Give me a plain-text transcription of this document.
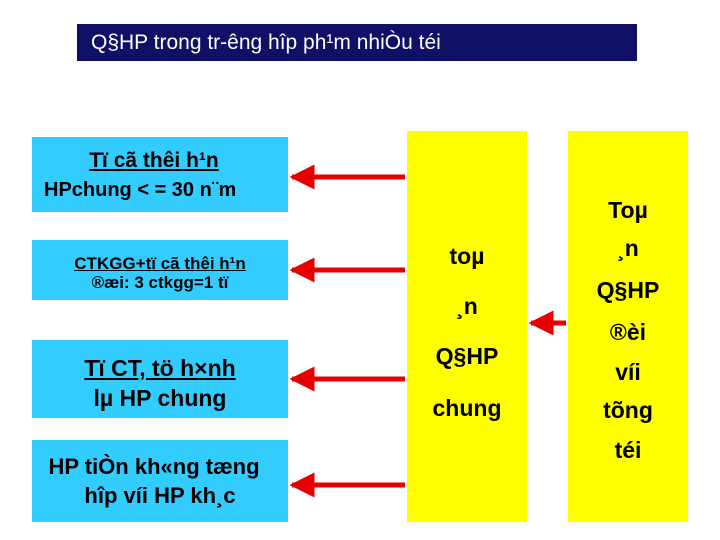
Q§HP trong tr-êng hîp ph¹m nhiÒu téi
Tï cã thêi h¹n
HPchung < = 30 n¨m
CTKGG+tï cã thêi h¹n
®æi: 3 ctkgg=1 tï
Tï CT, tö h×nh
lµ HP chung
HP tiÒn kh«ng tæng
hîp víi HP kh¸c
toµ
¸n
Q§HP
chung
Toµ
¸n
Q§HP
®èi
víi
tõng
téi
